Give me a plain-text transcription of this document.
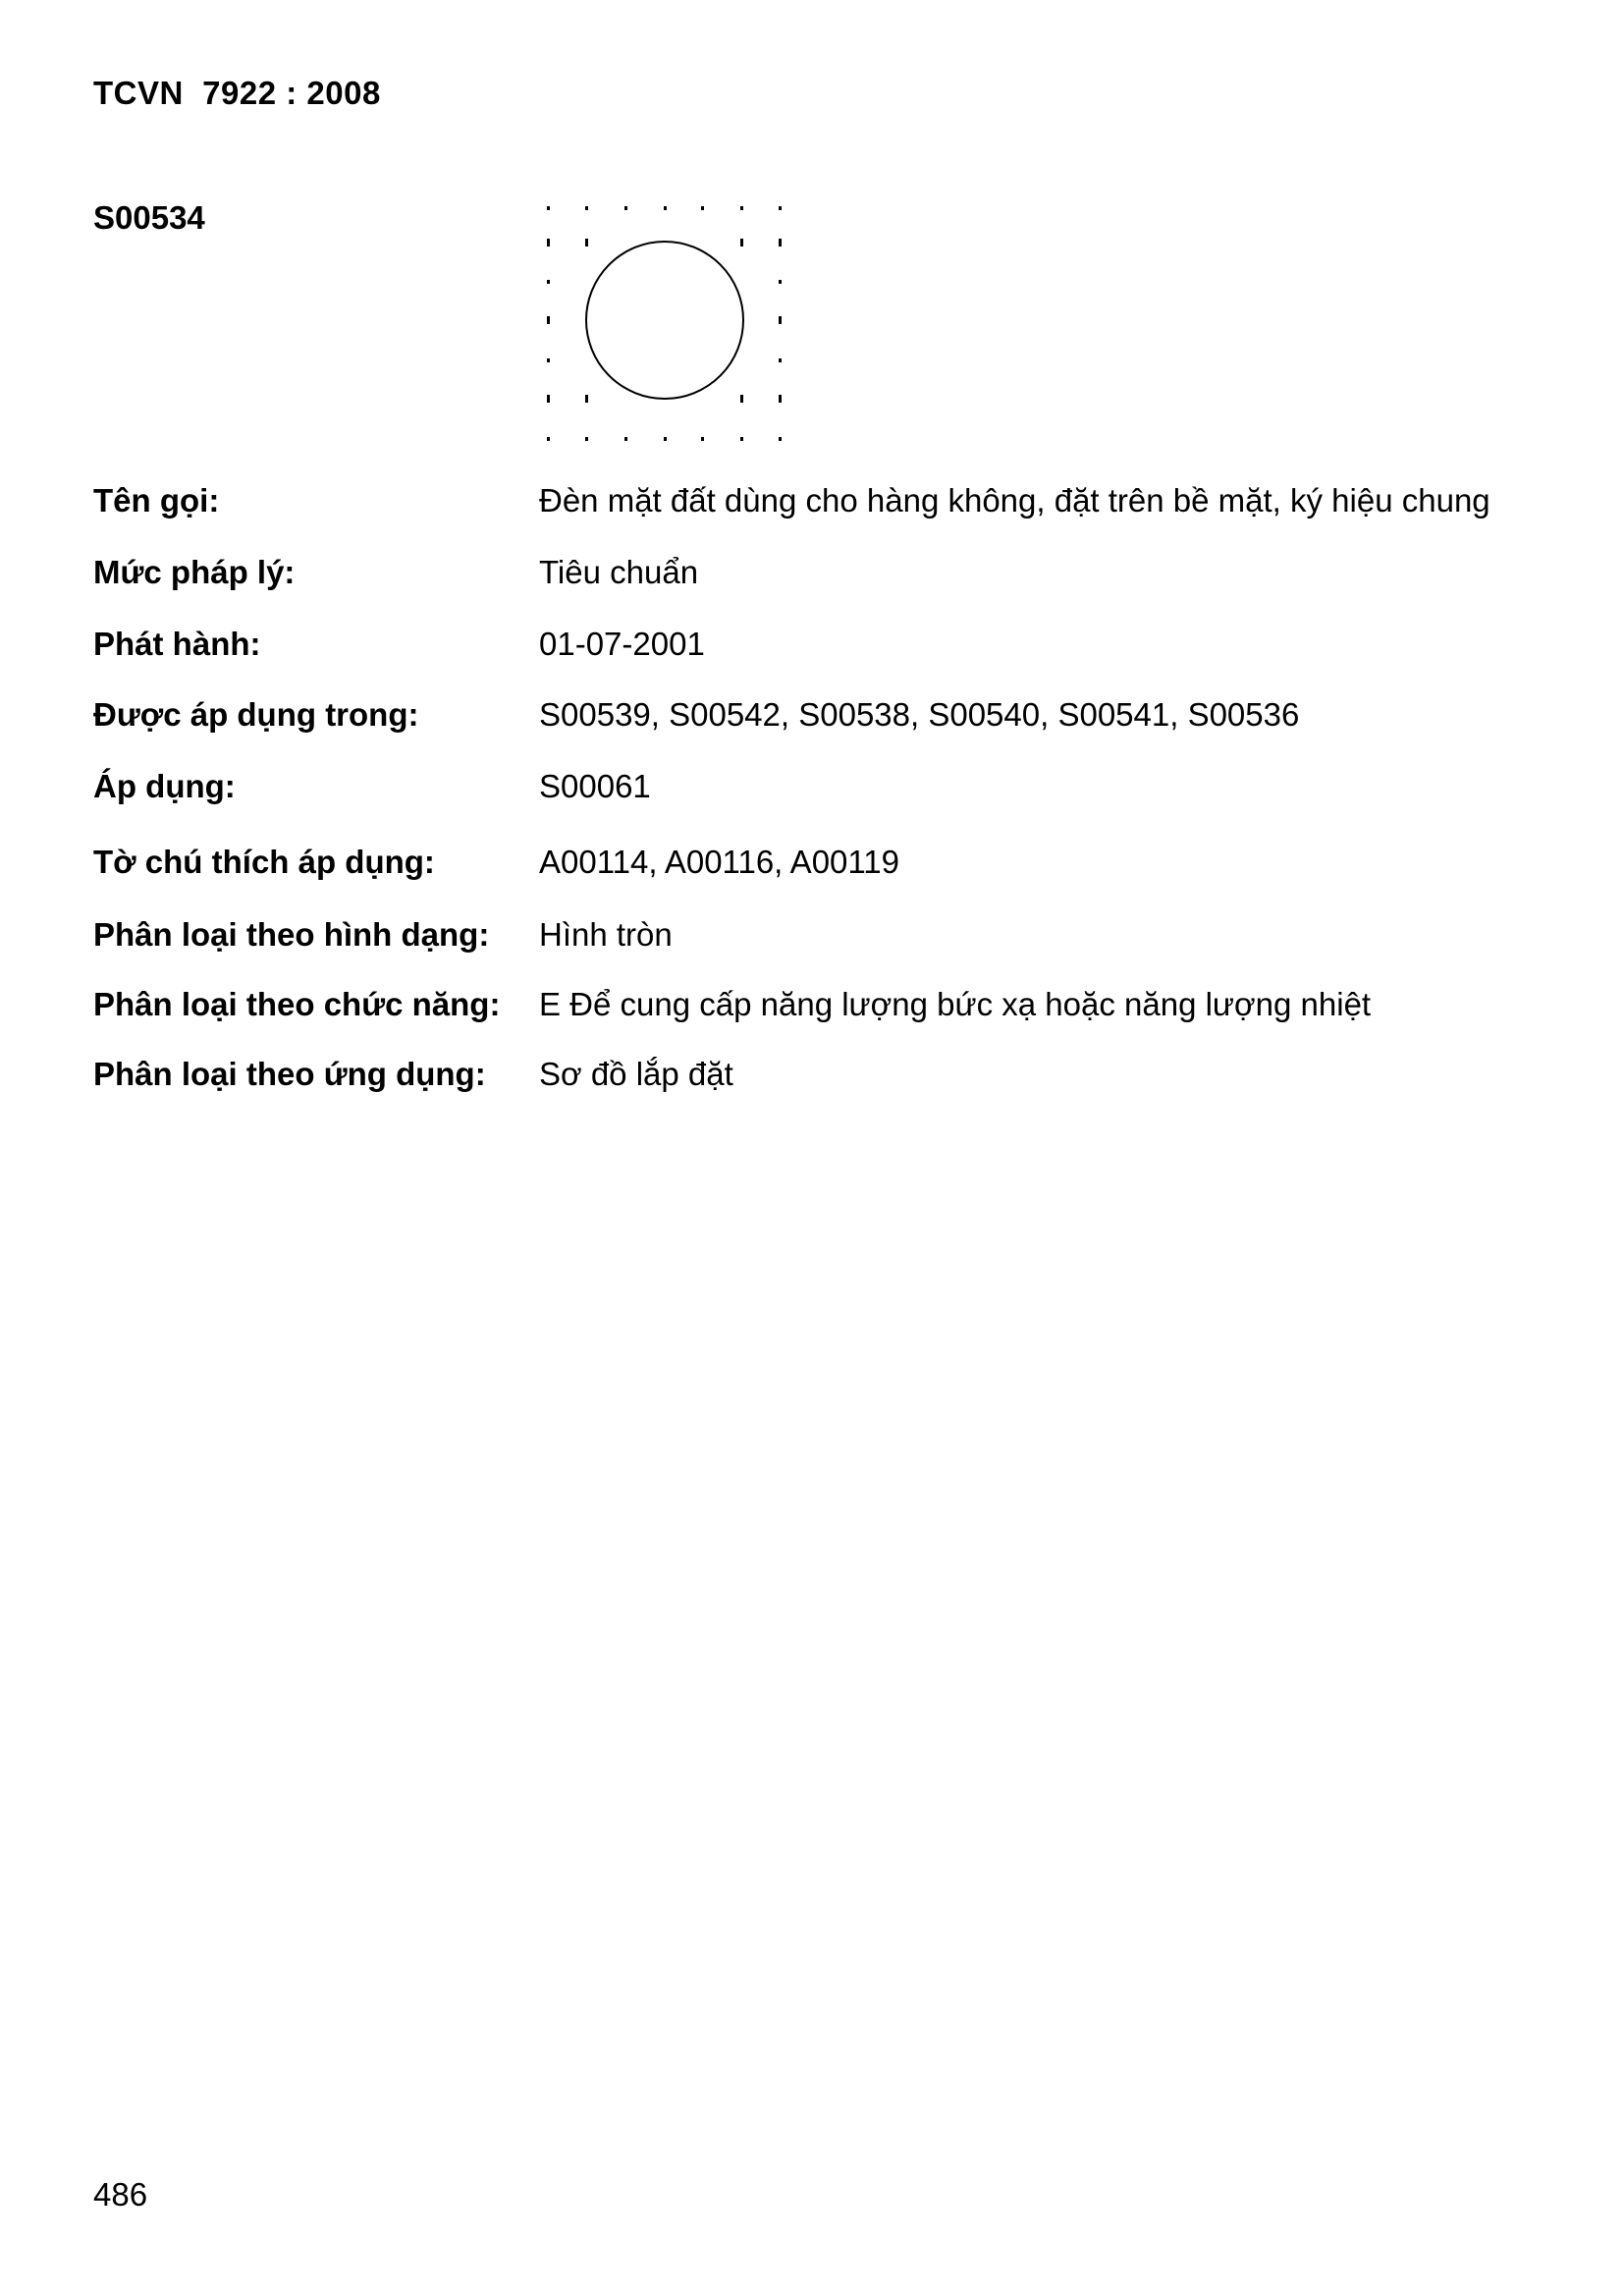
TCVN  7922 : 2008
S00534
Tên gọi:	Đèn mặt đất dùng cho hàng không, đặt trên bề mặt, ký hiệu chung
Mức pháp lý:	Tiêu chuẩn
Phát hành:	01-07-2001
Được áp dụng trong:	S00539, S00542, S00538, S00540, S00541, S00536
Áp dụng:	S00061
Tờ chú thích áp dụng:	A00114, A00116, A00119
Phân loại theo hình dạng: Hình tròn
Phân loại theo chức năng: E Để cung cấp năng lượng bức xạ hoặc năng lượng nhiệt
Phân loại theo ứng dụng: Sơ đồ lắp đặt
486
